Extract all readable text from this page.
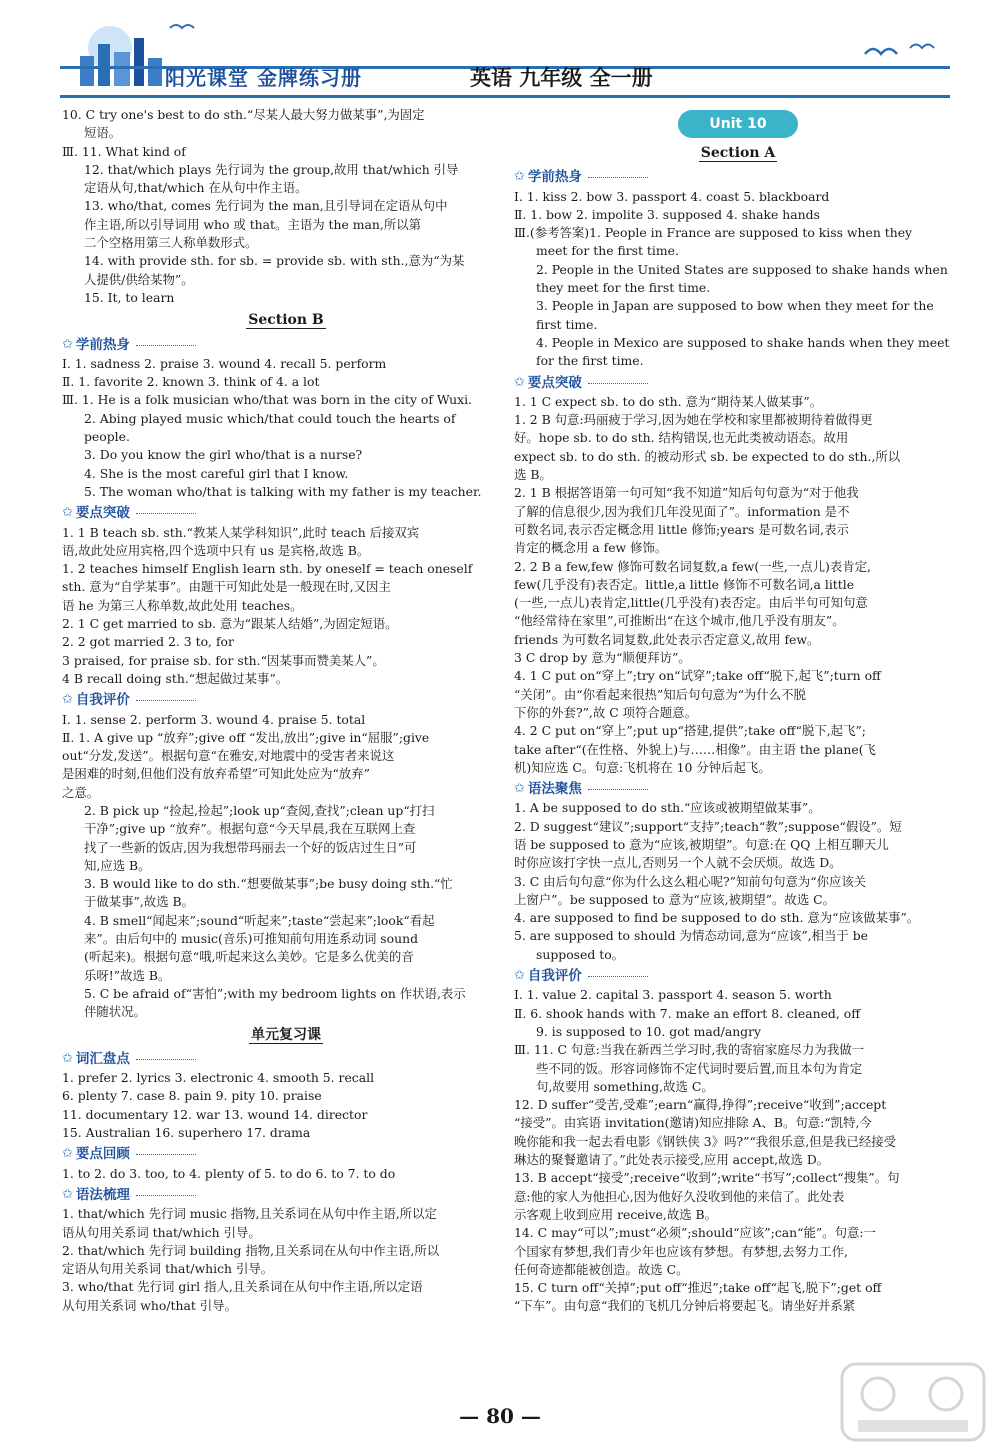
阳光课堂 金牌练习册	英语 九年级 全一册
10. C try one's best to do sth.“尽某人最大努力做某事”,为固定
短语。
Ⅲ. 11. What kind of
12. that/which plays 先行词为 the group,故用 that/which 引导
定语从句,that/which 在从句中作主语。
13. who/that, comes 先行词为 the man,且引导词在定语从句中
作主语,所以引导词用 who 或 that。主语为 the man,所以第
二个空格用第三人称单数形式。
14. with provide sth. for sb. = provide sb. with sth.,意为“为某
人提供/供给某物”。
15. It, to learn
Section B
✩ 学前热身
Ⅰ. 1. sadness 2. praise 3. wound 4. recall 5. perform
Ⅱ. 1. favorite 2. known 3. think of 4. a lot
Ⅲ. 1. He is a folk musician who/that was born in the city of Wuxi.
2. Abing played music which/that could touch the hearts of
people.
3. Do you know the girl who/that is a nurse?
4. She is the most careful girl that I know.
5. The woman who/that is talking with my father is my teacher.
✩ 要点突破
1. 1 B teach sb. sth.“教某人某学科知识”,此时 teach 后接双宾
语,故此处应用宾格,四个选项中只有 us 是宾格,故选 B。
1. 2 teaches himself English learn sth. by oneself = teach oneself
sth. 意为“自学某事”。由题干可知此处是一般现在时,又因主
语 he 为第三人称单数,故此处用 teaches。
2. 1 C get married to sb. 意为“跟某人结婚”,为固定短语。
2. 2 got married 2. 3 to, for
3 praised, for praise sb. for sth.“因某事而赞美某人”。
4 B recall doing sth.“想起做过某事”。
✩ 自我评价
Ⅰ. 1. sense 2. perform 3. wound 4. praise 5. total
Ⅱ. 1. A give up “放弃”;give off “发出,放出”;give in“屈服”;give
out“分发,发送”。根据句意“在雅安,对地震中的受害者来说这
是困难的时刻,但他们没有放弃希望”可知此处应为“放弃”
之意。
2. B pick up “捡起,捡起”;look up“查阅,查找”;clean up“打扫
干净”;give up “放弃”。根据句意“今天早晨,我在互联网上查
找了一些新的饭店,因为我想带玛丽去一个好的饭店过生日”可
知,应选 B。
3. B would like to do sth.“想要做某事”;be busy doing sth.“忙
于做某事”,故选 B。
4. B smell“闻起来”;sound“听起来”;taste“尝起来”;look“看起
来”。由后句中的 music(音乐)可推知前句用连系动词 sound
(听起来)。根据句意“哦,听起来这么美妙。它是多么优美的音
乐呀!”故选 B。
5. C be afraid of“害怕”;with my bedroom lights on 作状语,表示
伴随状况。
单元复习课
✩ 词汇盘点
1. prefer 2. lyrics 3. electronic 4. smooth 5. recall
6. plenty 7. case 8. pain 9. pity 10. praise
11. documentary 12. war 13. wound 14. director
15. Australian 16. superhero 17. drama
✩ 要点回顾
1. to 2. do 3. too, to 4. plenty of 5. to do 6. to 7. to do
✩ 语法梳理
1. that/which 先行词 music 指物,且关系词在从句中作主语,所以定
语从句用关系词 that/which 引导。
2. that/which 先行词 building 指物,且关系词在从句中作主语,所以
定语从句用关系词 that/which 引导。
3. who/that 先行词 girl 指人,且关系词在从句中作主语,所以定语
从句用关系词 who/that 引导。
Unit 10
Section A
✩ 学前热身
Ⅰ. 1. kiss 2. bow 3. passport 4. coast 5. blackboard
Ⅱ. 1. bow 2. impolite 3. supposed 4. shake hands
Ⅲ.(参考答案)1. People in France are supposed to kiss when they
meet for the first time.
2. People in the United States are supposed to shake hands when
they meet for the first time.
3. People in Japan are supposed to bow when they meet for the
first time.
4. People in Mexico are supposed to shake hands when they meet
for the first time.
✩ 要点突破
1. 1 C expect sb. to do sth. 意为“期待某人做某事”。
1. 2 B 句意:玛丽疲于学习,因为她在学校和家里都被期待着做得更
好。hope sb. to do sth. 结构错误,也无此类被动语态。故用
expect sb. to do sth. 的被动形式 sb. be expected to do sth.,所以
选 B。
2. 1 B 根据答语第一句可知“我不知道”知后句句意为“对于他我
了解的信息很少,因为我们几年没见面了”。information 是不
可数名词,表示否定概念用 little 修饰;years 是可数名词,表示
肯定的概念用 a few 修饰。
2. 2 B a few,few 修饰可数名词复数,a few(一些,一点儿)表肯定,
few(几乎没有)表否定。little,a little 修饰不可数名词,a little
(一些,一点儿)表肯定,little(几乎没有)表否定。由后半句可知句意
“他经常待在家里”,可推断出“在这个城市,他几乎没有朋友”。
friends 为可数名词复数,此处表示否定意义,故用 few。
3 C drop by 意为“顺便拜访”。
4. 1 C put on“穿上”;try on“试穿”;take off“脱下,起飞”;turn off
“关闭”。由“你看起来很热”知后句句意为“为什么不脱
下你的外套?”,故 C 项符合题意。
4. 2 C put on“穿上”;put up“搭建,提供”;take off“脱下,起飞”;
take after“(在性格、外貌上)与……相像”。由主语 the plane(飞
机)知应选 C。句意:飞机将在 10 分钟后起飞。
✩ 语法聚焦
1. A be supposed to do sth.“应该或被期望做某事”。
2. D suggest“建议”;support“支持”;teach“教”;suppose“假设”。短
语 be supposed to 意为“应该,被期望”。句意:在 QQ 上相互聊天儿
时你应该打字快一点儿,否则另一个人就不会厌烦。故选 D。
3. C 由后句句意“你为什么这么粗心呢?”知前句句意为“你应该关
上窗户”。be supposed to 意为“应该,被期望”。故选 C。
4. are supposed to find be supposed to do sth. 意为“应该做某事”。
5. are supposed to should 为情态动词,意为“应该”,相当于 be
supposed to。
✩ 自我评价
Ⅰ. 1. value 2. capital 3. passport 4. season 5. worth
Ⅱ. 6. shook hands with 7. make an effort 8. cleaned, off
9. is supposed to 10. got mad/angry
Ⅲ. 11. C 句意:当我在新西兰学习时,我的寄宿家庭尽力为我做一
些不同的饭。形容词修饰不定代词时要后置,而且本句为肯定
句,故要用 something,故选 C。
12. D suffer“受苦,受难”;earn“赢得,挣得”;receive“收到”;accept
“接受”。由宾语 invitation(邀请)知应排除 A、B。句意:“凯特,今
晚你能和我一起去看电影《钢铁侠 3》吗?”“我很乐意,但是我已经接受
琳达的聚餐邀请了。”此处表示接受,应用 accept,故选 D。
13. B accept“接受”;receive“收到”;write“书写”;collect“搜集”。句
意:他的家人为他担心,因为他好久没收到他的来信了。此处表
示客观上收到应用 receive,故选 B。
14. C may“可以”;must“必须”;should“应该”;can“能”。句意:一
个国家有梦想,我们青少年也应该有梦想。有梦想,去努力工作,
任何奇迹都能被创造。故选 C。
15. C turn off“关掉”;put off“推迟”;take off“起飞,脱下”;get off
“下车”。由句意“我们的飞机几分钟后将要起飞。请坐好并系紧
— 80 —
